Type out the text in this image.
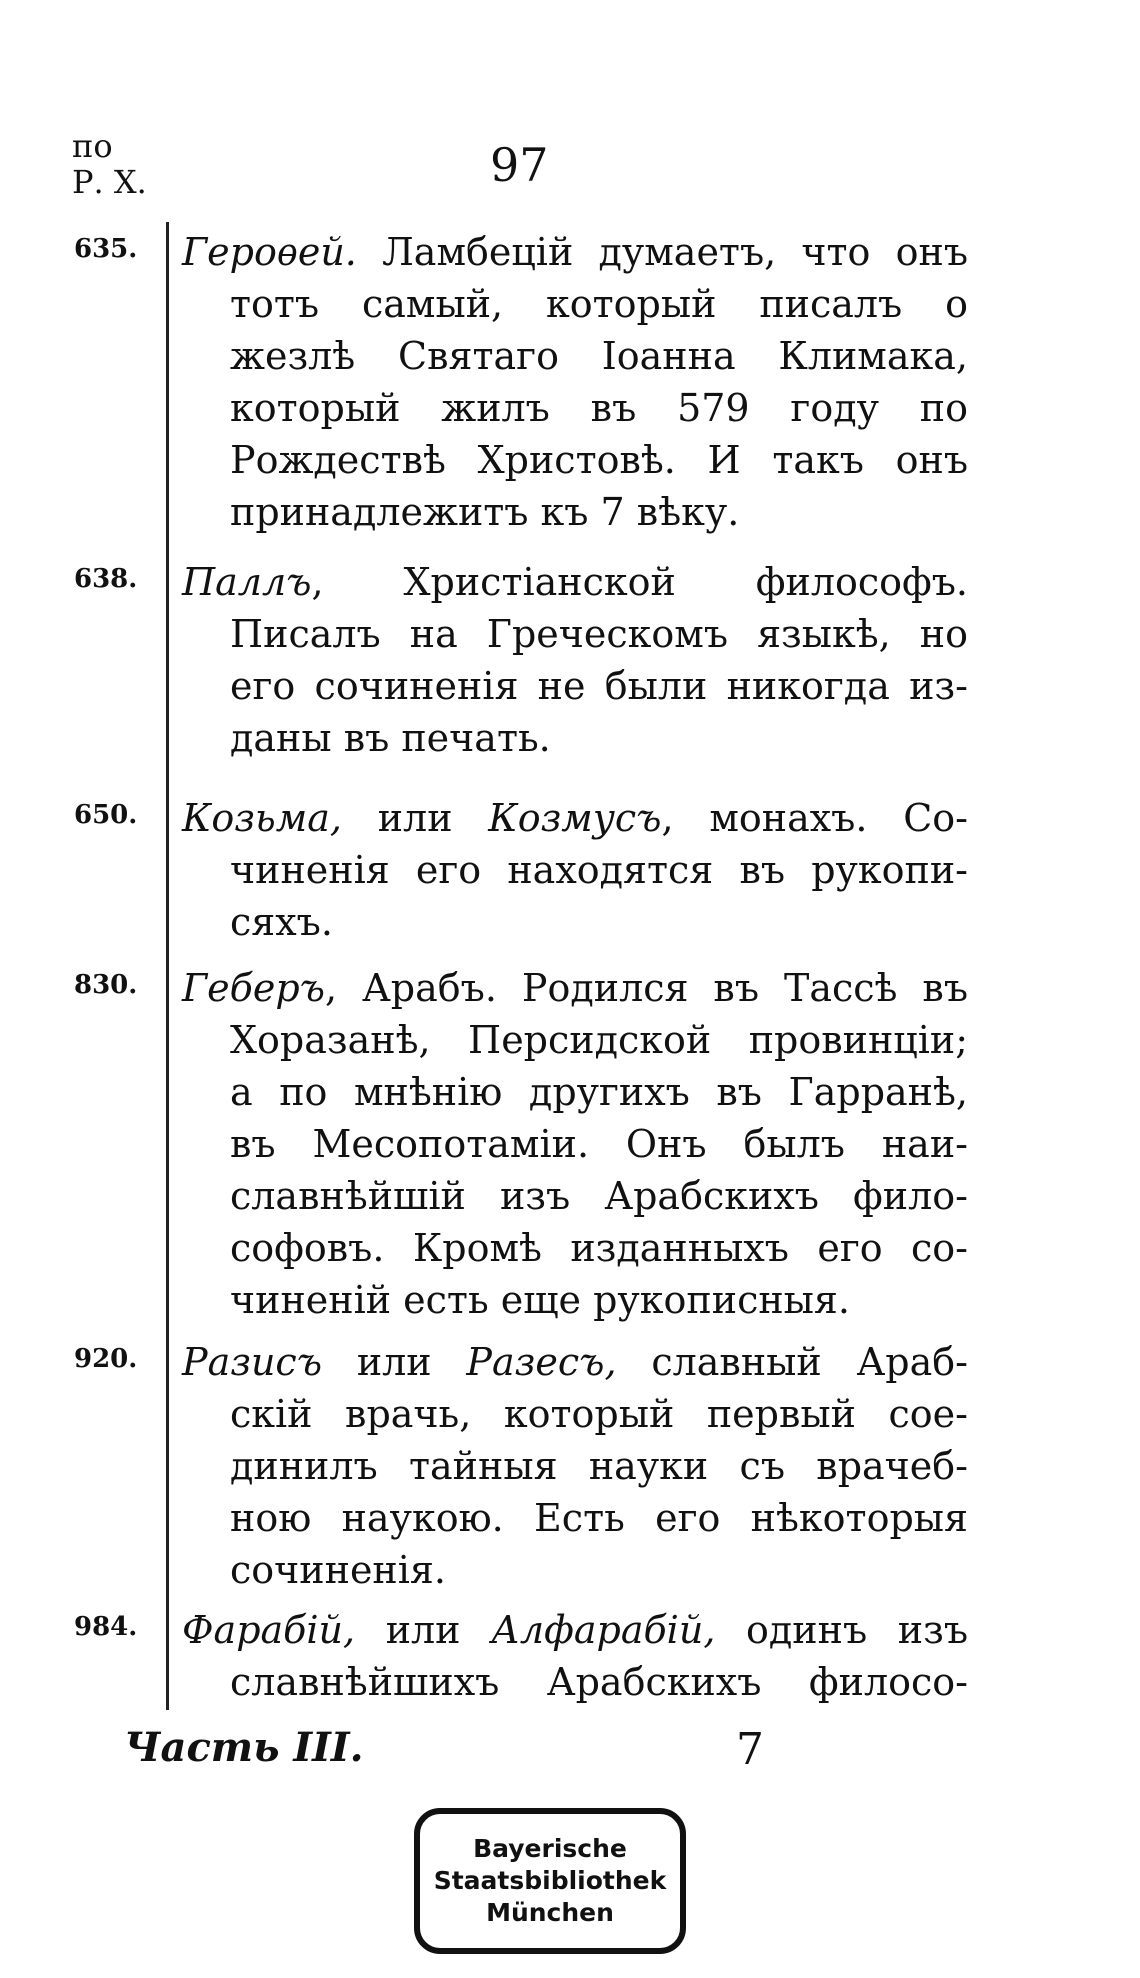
по
Р. X.	97
635.	Героѳей. Ламбецій думаетъ, что онъ
тотъ самый, который писалъ о
жезлѣ Святаго Іоанна Климака,
который жилъ въ 579 году по
Рождествѣ Христовѣ. И такъ онъ
принадлежитъ къ 7 вѣку.
638.	Паллъ, Христіанской философъ.
Писалъ на Греческомъ языкѣ, но
его сочиненія не были никогда из-
даны въ печать.
650.	Козьма, или Козмусъ, монахъ. Со-
чиненія его находятся въ рукопи-
сяхъ.
830.	Геберъ, Арабъ. Родился въ Тассѣ въ
Хоразанѣ, Персидской провинціи;
а по мнѣнію другихъ въ Гарранѣ,
въ Месопотаміи. Онъ былъ наи-
славнѣйшій изъ Арабскихъ фило-
софовъ. Кромѣ изданныхъ его со-
чиненій есть еще рукописныя.
920.	Разисъ или Разесъ, славный Араб-
скій врачь, который первый сое-
динилъ тайныя науки съ врачеб-
ною наукою. Есть его нѣкоторыя
сочиненія.
984.	Фарабій, или Алфарабій, одинъ изъ
славнѣйшихъ Арабскихъ филосо-
Часть III.	7
Bayerische
Staatsbibliothek
München
